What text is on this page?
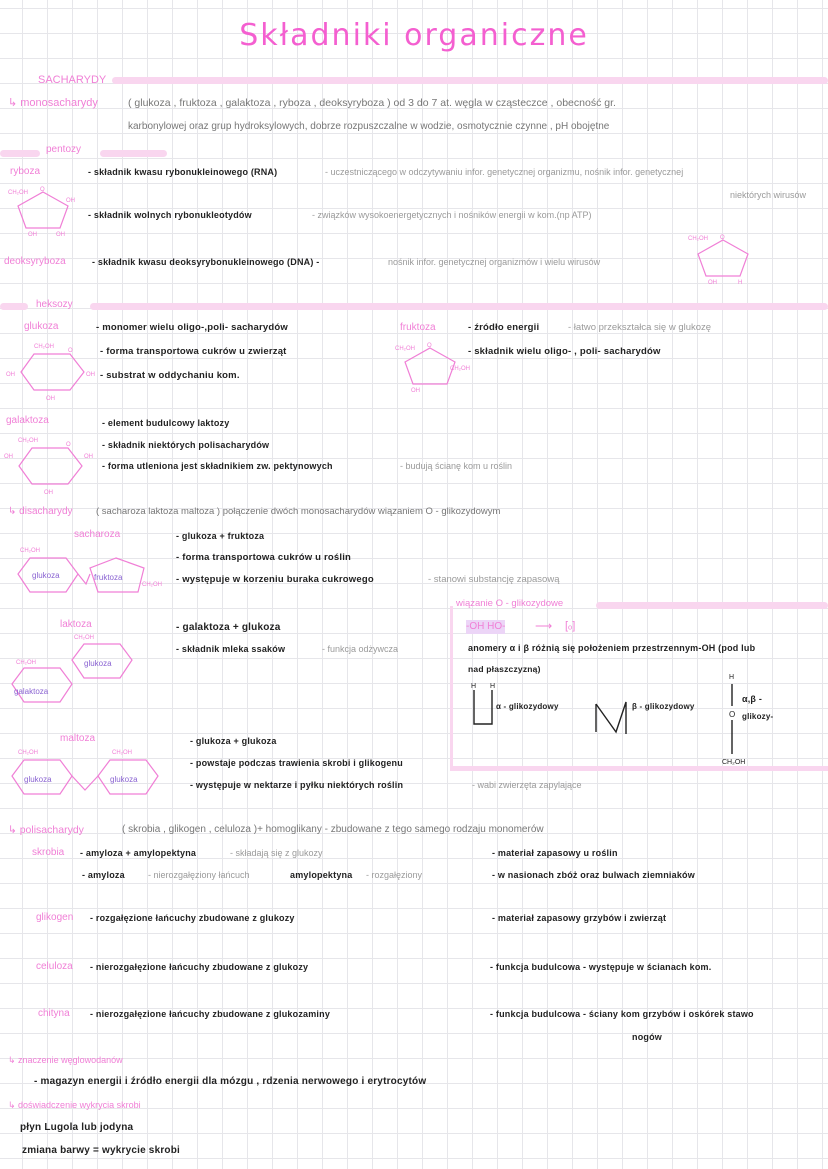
Składniki organiczne
SACHARYDY
↳ monosacharydy	( glukoza , fruktoza , galaktoza , ryboza , deoksyryboza ) od 3 do 7 at. węgla w cząsteczce , obecność gr.
karbonylowej oraz grup hydroksylowych, dobrze rozpuszczalne w wodzie, osmotycznie czynne , pH obojętne
pentozy
ryboza	- składnik kwasu rybonukleinowego (RNA)	- uczestniczącego w odczytywaniu infor. genetycznej organizmu, nośnik infor. genetycznej
niektórych wirusów
- składnik wolnych rybonukleotydów	- związków wysokoenergetycznych i nośników energii w kom.(np ATP)
CH₂OH O
OH
OH	OH
deoksyryboza	- składnik kwasu deoksyrybonukleinowego (DNA) -	nośnik infor. genetycznej organizmów i wielu wirusów
CH₂OH O
OH	H
heksozy
glukoza	- monomer wielu oligo-,poli- sacharydów
- forma transportowa cukrów u zwierząt
- substrat w oddychaniu kom.
CH₂OH
O
OH
OH
OH
fruktoza	- źródło energii	- łatwo przekształca się w glukozę
- składnik wielu oligo- , poli- sacharydów
CH₂OH O
CH₂OH
OH
galaktoza	- element budulcowy laktozy
- składnik niektórych polisacharydów
- forma utleniona jest składnikiem zw. pektynowych	- budują ścianę kom u roślin
CH₂OH
O
OH
OH
OH
↳ disacharydy ( sacharoza laktoza maltoza ) połączenie dwóch monosacharydów wiązaniem O - glikozydowym
sacharoza	- glukoza + fruktoza
- forma transportowa cukrów u roślin
- występuje w korzeniu buraka cukrowego	- stanowi substancję zapasową
CH₂OH
glukoza	fruktoza
CH₂OH
laktoza	- galaktoza + glukoza
- składnik mleka ssaków	- funkcja odżywcza
galaktoza
glukoza
CH₂OH
CH₂OH
maltoza	- glukoza + glukoza
- powstaje podczas trawienia skrobi i glikogenu
- występuje w nektarze i pyłku niektórych roślin	- wabi zwierzęta zapylające
glukoza	glukoza
CH₂OH	CH₂OH
wiązanie O - glikozydowe
-OH HO- ⟶ [ₒ]
anomery α i β różnią się położeniem przestrzennym-OH (pod lub
nad płaszczyzną)
H H
O
H
CH₂OH
α - glikozydowy	β - glikozydowy
α,β -
glikozy-
↳ polisacharydy	( skrobia , glikogen , celuloza )+ homoglikany - zbudowane z tego samego rodzaju monomerów
skrobia - amyloza + amylopektyna	- składają się z glukozy
- amyloza	- nierozgałęziony łańcuch	amylopektyna - rozgałęziony
- materiał zapasowy u roślin
- w nasionach zbóż oraz bulwach ziemniaków
glikogen - rozgałęzione łańcuchy zbudowane z glukozy	- materiał zapasowy grzybów i zwierząt
celuloza - nierozgałęzione łańcuchy zbudowane z glukozy	- funkcja budulcowa - występuje w ścianach kom.
chityna - nierozgałęzione łańcuchy zbudowane z glukozaminy	- funkcja budulcowa - ściany kom grzybów i oskórek stawo
nogów
↳ znaczenie węglowodanów
- magazyn energii i źródło energii dla mózgu , rdzenia nerwowego i erytrocytów
↳ doświadczenie wykrycia skrobi
płyn Lugola lub jodyna
zmiana barwy = wykrycie skrobi
